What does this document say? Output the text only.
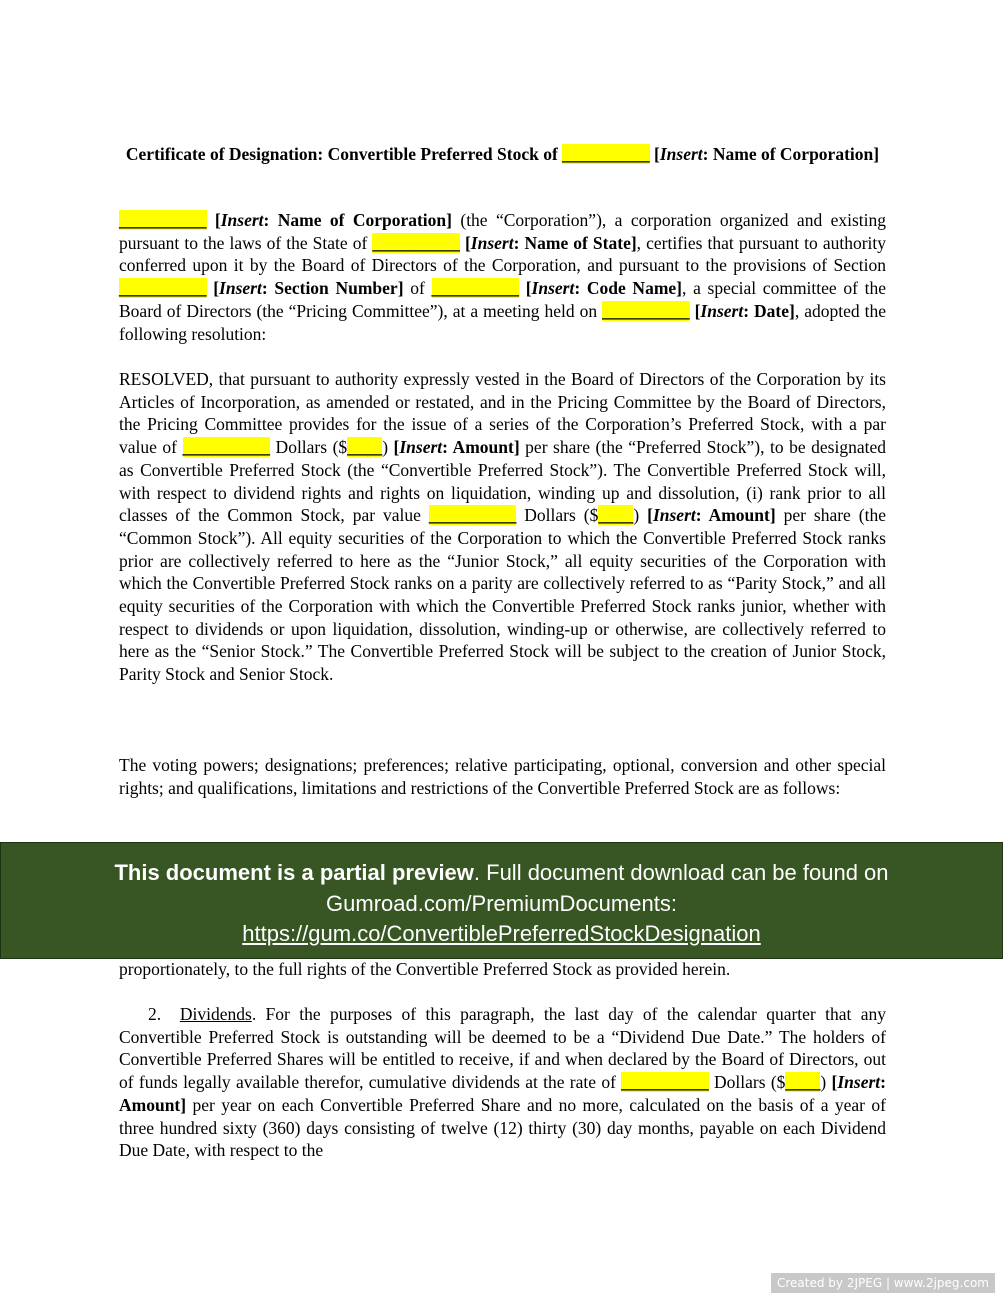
Certificate of Designation: Convertible Preferred Stock of __________ [Insert: Name of Corporation]
__________ [Insert: Name of Corporation] (the “Corporation”), a corporation organized and existing pursuant to the laws of the State of __________ [Insert: Name of State], certifies that pursuant to authority conferred upon it by the Board of Directors of the Corporation, and pursuant to the provisions of Section __________ [Insert: Section Number] of __________ [Insert: Code Name], a special committee of the Board of Directors (the “Pricing Committee”), at a meeting held on __________ [Insert: Date], adopted the following resolution:
RESOLVED, that pursuant to authority expressly vested in the Board of Directors of the Corporation by its Articles of Incorporation, as amended or restated, and in the Pricing Committee by the Board of Directors, the Pricing Committee provides for the issue of a series of the Corporation’s Preferred Stock, with a par value of __________ Dollars ($____) [Insert: Amount] per share (the “Preferred Stock”), to be designated as Convertible Preferred Stock (the “Convertible Preferred Stock”). The Convertible Preferred Stock will, with respect to dividend rights and rights on liquidation, winding up and dissolution, (i) rank prior to all classes of the Common Stock, par value __________ Dollars ($____) [Insert: Amount] per share (the “Common Stock”). All equity securities of the Corporation to which the Convertible Preferred Stock ranks prior are collectively referred to here as the “Junior Stock,” all equity securities of the Corporation with which the Convertible Preferred Stock ranks on a parity are collectively referred to as “Parity Stock,” and all equity securities of the Corporation with which the Convertible Preferred Stock ranks junior, whether with respect to dividends or upon liquidation, dissolution, winding-up or otherwise, are collectively referred to here as the “Senior Stock.” The Convertible Preferred Stock will be subject to the creation of Junior Stock, Parity Stock and Senior Stock.
The voting powers; designations; preferences; relative participating, optional, conversion and other special rights; and qualifications, limitations and restrictions of the Convertible Preferred Stock are as follows:
proportionately, to the full rights of the Convertible Preferred Stock as provided herein.
2. Dividends. For the purposes of this paragraph, the last day of the calendar quarter that any Convertible Preferred Stock is outstanding will be deemed to be a “Dividend Due Date.” The holders of Convertible Preferred Shares will be entitled to receive, if and when declared by the Board of Directors, out of funds legally available therefor, cumulative dividends at the rate of __________ Dollars ($____) [Insert: Amount] per year on each Convertible Preferred Share and no more, calculated on the basis of a year of three hundred sixty (360) days consisting of twelve (12) thirty (30) day months, payable on each Dividend Due Date, with respect to the
This document is a partial preview. Full document download can be found on Gumroad.com/PremiumDocuments:
https://gum.co/ConvertiblePreferredStockDesignation
Created by 2JPEG | www.2jpeg.com
